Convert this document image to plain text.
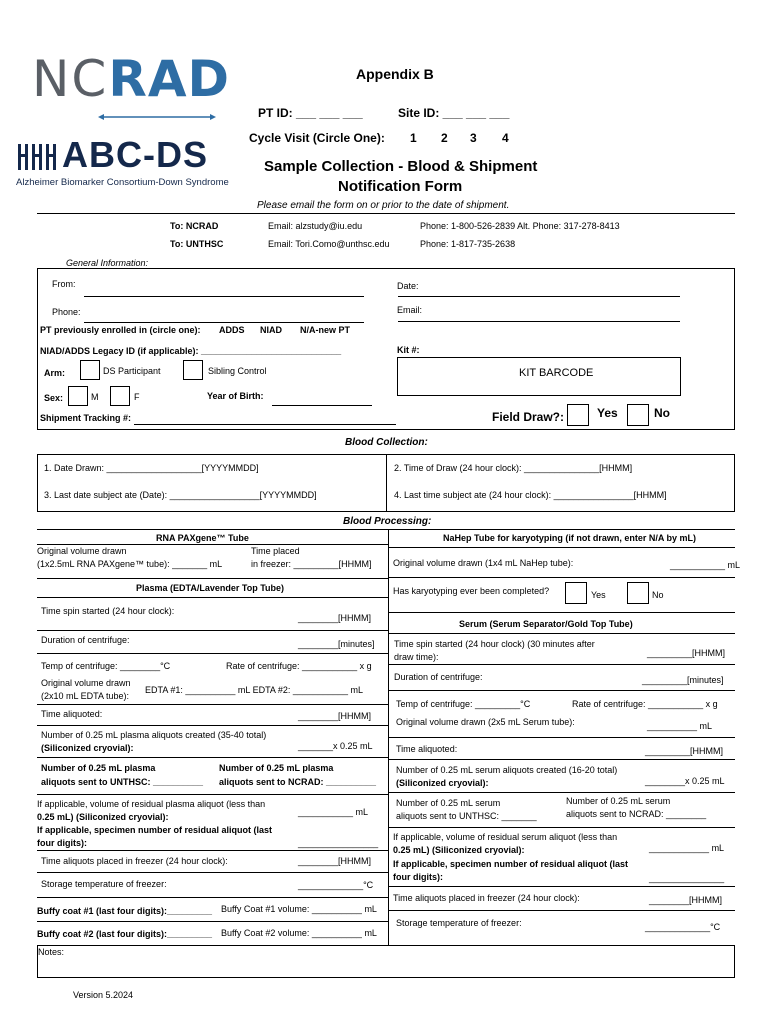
NCRAD
ABC-DS
Alzheimer Biomarker Consortium-Down Syndrome
Appendix B
PT ID: ___ ___ ___	Site ID: ___ ___ ___
Cycle Visit (Circle One): 1 2 3 4
Sample Collection - Blood & Shipment
Notification Form
Please email the form on or prior to the date of shipment.
To: NCRAD	Email: alzstudy@iu.edu	Phone: 1-800-526-2839 Alt. Phone: 317-278-8413
To: UNTHSC	Email: Tori.Como@unthsc.edu	Phone: 1-817-735-2638
General Information:
From:	Date:
Phone:	Email:
PT previously enrolled in (circle one): ADDS NIAD N/A-new PT
NIAD/ADDS Legacy ID (if applicable): ____________________________	Kit #:
KIT BARCODE
Arm:	DS Participant	Sibling Control
Sex:	M	F	Year of Birth:
Shipment Tracking #:	Field Draw?:	Yes	No
Blood Collection:
1. Date Drawn: ___________________[YYYYMMDD]	2. Time of Draw (24 hour clock): _______________[HHMM]
3. Last date subject ate (Date): __________________[YYYYMMDD]	4. Last time subject ate (24 hour clock): ________________[HHMM]
Blood Processing:
RNA PAXgene™ Tube
Original volume drawn
(1x2.5mL RNA PAXgene™ tube): _______ mL
Time placed
in freezer: _________[HHMM]
NaHep Tube for karyotyping (if not drawn, enter N/A by mL)
Original volume drawn (1x4 mL NaHep tube):	___________ mL
Has karyotyping ever been completed?	Yes	No
Plasma (EDTA/Lavender Top Tube)
Time spin started (24 hour clock):
________[HHMM]
Duration of centrifuge:	________[minutes]
Temp of centrifuge: ________°C	Rate of centrifuge: ___________ x g
Original volume drawn
(2x10 mL EDTA tube):
EDTA #1: __________ mL EDTA #2: ___________ mL
Time aliquoted:	________[HHMM]
Number of 0.25 mL plasma aliquots created (35-40 total)
(Siliconized cryovial):	_______x 0.25 mL
Number of 0.25 mL plasma
aliquots sent to UNTHSC: __________
Number of 0.25 mL plasma
aliquots sent to NCRAD: __________
If applicable, volume of residual plasma aliquot (less than
0.25 mL) (Siliconized cryovial):	___________ mL
If applicable, specimen number of residual aliquot (last
four digits):	________________
Time aliquots placed in freezer (24 hour clock):	________[HHMM]
Storage temperature of freezer:	_____________°C
Buffy coat #1 (last four digits):_________ Buffy Coat #1 volume: __________ mL
Buffy coat #2 (last four digits):_________ Buffy Coat #2 volume: __________ mL
Serum (Serum Separator/Gold Top Tube)
Time spin started (24 hour clock) (30 minutes after
draw time):	_________[HHMM]
Duration of centrifuge:	_________[minutes]
Temp of centrifuge: _________°C	Rate of centrifuge: ___________ x g
Original volume drawn (2x5 mL Serum tube):	__________ mL
Time aliquoted:	_________[HHMM]
Number of 0.25 mL serum aliquots created (16-20 total)
(Siliconized cryovial):	________x 0.25 mL
Number of 0.25 mL serum
aliquots sent to UNTHSC: _______
Number of 0.25 mL serum
aliquots sent to NCRAD: ________
If applicable, volume of residual serum aliquot (less than
0.25 mL) (Siliconized cryovial):	____________ mL
If applicable, specimen number of residual aliquot (last
four digits):	_______________
Time aliquots placed in freezer (24 hour clock):	________[HHMM]
Storage temperature of freezer:	_____________°C
Notes:
Version 5.2024
